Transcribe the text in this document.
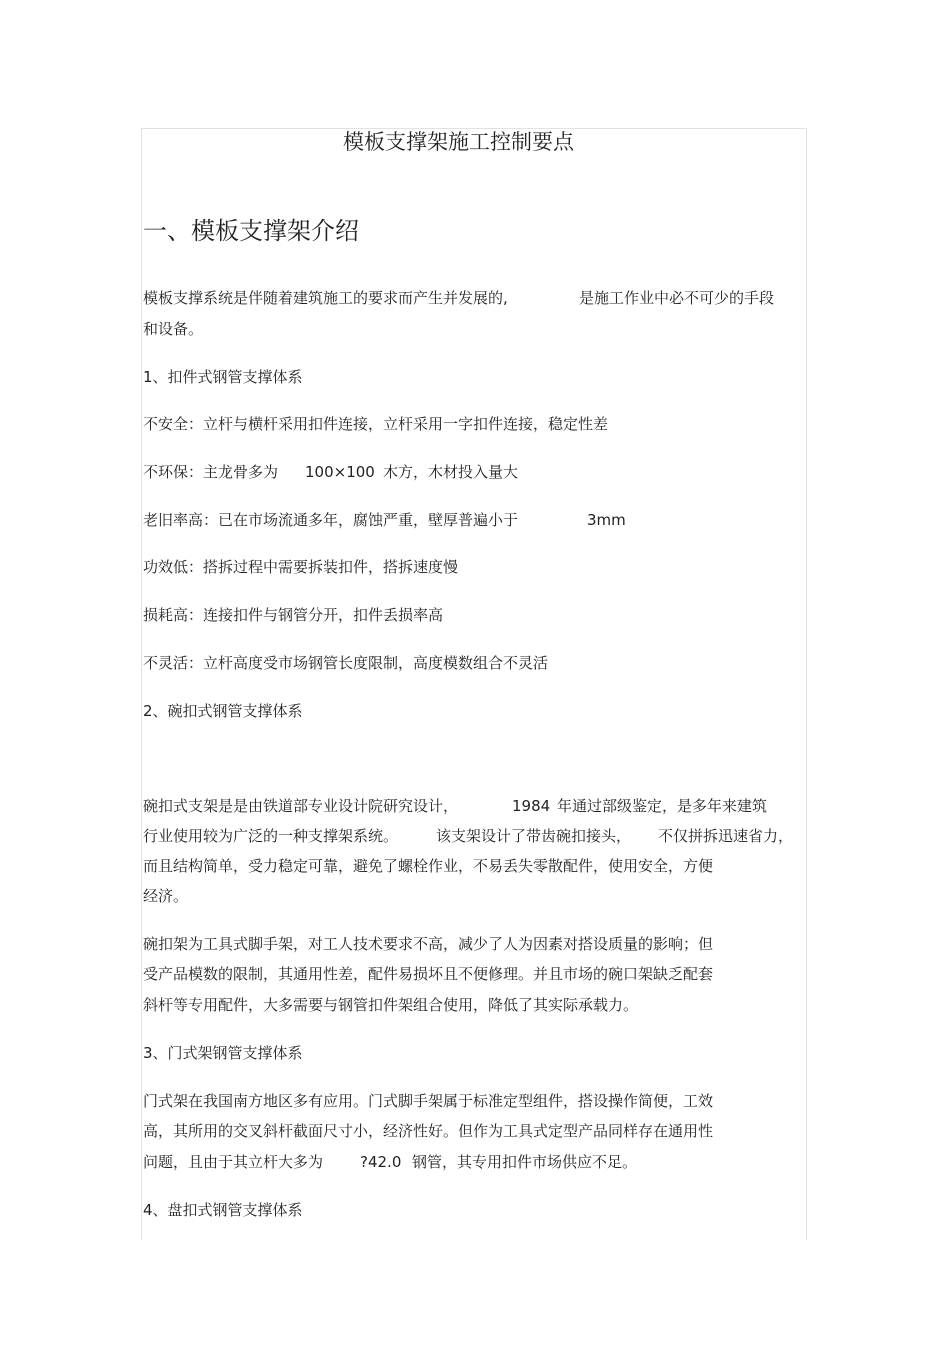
模板支撑架施工控制要点
一、模板支撑架介绍
模板支撑系统是伴随着建筑施工的要求而产生并发展的,	是施工作业中必不可少的手段
和设备。
1、扣件式钢管支撑体系
不安全：立杆与横杆采用扣件连接，立杆采用一字扣件连接，稳定性差
不环保：主龙骨多为 100×100 木方，木材投入量大
老旧率高：已在市场流通多年，腐蚀严重，壁厚普遍小于	3mm
功效低：搭拆过程中需要拆装扣件，搭拆速度慢
损耗高：连接扣件与钢管分开，扣件丢损率高
不灵活：立杆高度受市场钢管长度限制，高度模数组合不灵活
2、碗扣式钢管支撑体系
碗扣式支架是是由铁道部专业设计院研究设计，	1984 年通过部级鉴定，是多年来建筑
行业使用较为广泛的一种支撑架系统。	该支架设计了带齿碗扣接头， 不仅拼拆迅速省力，
而且结构简单，受力稳定可靠，避免了螺栓作业，不易丢失零散配件，使用安全，方便
经济。
碗扣架为工具式脚手架，对工人技术要求不高，减少了人为因素对搭设质量的影响；但
受产品模数的限制，其通用性差，配件易损坏且不便修理。并且市场的碗口架缺乏配套
斜杆等专用配件，大多需要与钢管扣件架组合使用，降低了其实际承载力。
3、门式架钢管支撑体系
门式架在我国南方地区多有应用。门式脚手架属于标准定型组件，搭设操作简便，工效
高，其所用的交叉斜杆截面尺寸小，经济性好。但作为工具式定型产品同样存在通用性
问题，且由于其立杆大多为 ?42.0 钢管，其专用扣件市场供应不足。
4、盘扣式钢管支撑体系
